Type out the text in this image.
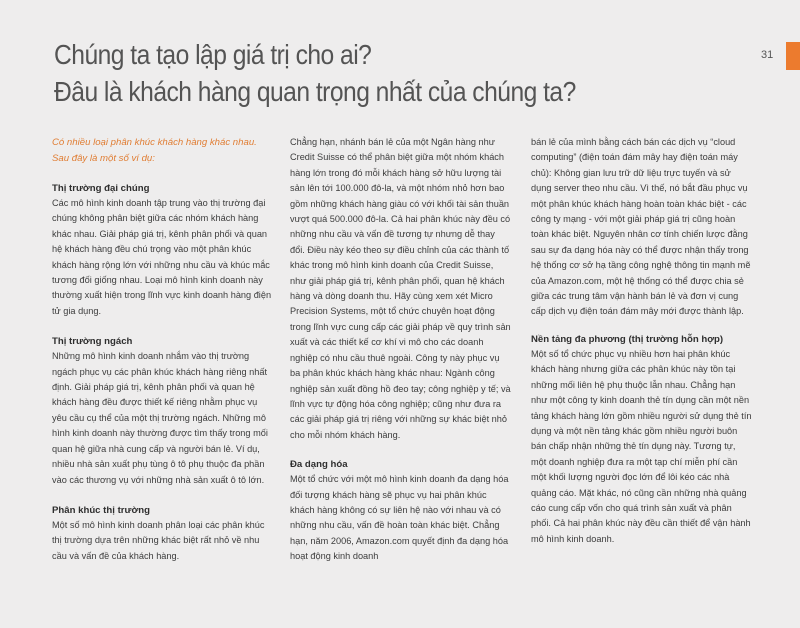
Chúng ta tạo lập giá trị cho ai?
Đâu là khách hàng quan trọng nhất của chúng ta?
31

Có nhiều loại phân khúc khách hàng khác nhau. Sau đây là một số ví dụ:

Thị trường đại chúng

Các mô hình kinh doanh tập trung vào thị trường đại chúng không phân biệt giữa các nhóm khách hàng khác nhau. Giải pháp giá trị, kênh phân phối và quan hệ khách hàng đều chú trọng vào một phân khúc khách hàng rộng lớn với những nhu cầu và khúc mắc tương đối giống nhau. Loại mô hình kinh doanh này thường xuất hiện trong lĩnh vực kinh doanh hàng điện tử gia dụng.

Thị trường ngách

Những mô hình kinh doanh nhắm vào thị trường ngách phục vụ các phân khúc khách hàng riêng nhất định. Giải pháp giá trị, kênh phân phối và quan hệ khách hàng đều được thiết kế riêng nhằm phục vụ yêu cầu cụ thể của một thị trường ngách. Những mô hình kinh doanh này thường được tìm thấy trong mối quan hệ giữa nhà cung cấp và người bán lẻ. Ví dụ, nhiều nhà sản xuất phụ tùng ô tô phụ thuộc đa phần vào các thương vụ với những nhà sản xuất ô tô lớn.

Phân khúc thị trường

Một số mô hình kinh doanh phân loại các phân khúc thị trường dựa trên những khác biệt rất nhỏ về nhu cầu và vấn đề của khách hàng.

Chẳng hạn, nhánh bán lẻ của một Ngân hàng như Credit Suisse có thể phân biệt giữa một nhóm khách hàng lớn trong đó mỗi khách hàng sở hữu lượng tài sản lên tới 100.000 đô-la, và một nhóm nhỏ hơn bao gồm những khách hàng giàu có với khối tài sản thuần vượt quá 500.000 đô-la. Cả hai phân khúc này đều có những nhu cầu và vấn đề tương tự nhưng dễ thay đổi. Điều này kéo theo sự điều chỉnh của các thành tố khác trong mô hình kinh doanh của Credit Suisse, như giải pháp giá trị, kênh phân phối, quan hệ khách hàng và dòng doanh thu. Hãy cùng xem xét Micro Precision Systems, một tổ chức chuyên hoạt động trong lĩnh vực cung cấp các giải pháp về quy trình sản xuất và các thiết kế cơ khí vi mô cho các doanh nghiệp có nhu cầu thuê ngoài. Công ty này phục vụ ba phân khúc khách hàng khác nhau: Ngành công nghiệp sản xuất đồng hồ đeo tay; công nghiệp y tế; và lĩnh vực tự động hóa công nghiệp; cũng như đưa ra các giải pháp giá trị riêng với những sự khác biệt nhỏ cho mỗi nhóm khách hàng.

Đa dạng hóa

Một tổ chức với một mô hình kinh doanh đa dạng hóa đối tượng khách hàng sẽ phục vụ hai phân khúc khách hàng không có sự liên hệ nào với nhau và có những nhu cầu, vấn đề hoàn toàn khác biệt. Chẳng hạn, năm 2006, Amazon.com quyết định đa dạng hóa hoạt động kinh doanh

bán lẻ của mình bằng cách bán các dịch vụ “cloud computing” (điện toán đám mây hay điện toán máy chủ): Không gian lưu trữ dữ liệu trực tuyến và sử dụng server theo nhu cầu. Vì thế, nó bắt đầu phục vụ một phân khúc khách hàng hoàn toàn khác biệt - các công ty mạng - với một giải pháp giá trị cũng hoàn toàn khác biệt. Nguyên nhân cơ tính chiến lược đằng sau sự đa dạng hóa này có thể được nhận thấy trong hệ thống cơ sở hạ tầng công nghệ thông tin mạnh mẽ của Amazon.com, một hệ thống có thể được chia sẻ giữa các trung tâm vận hành bán lẻ và đơn vị cung cấp dịch vụ điện toán đám mây mới được thành lập.

Nền tảng đa phương (thị trường hỗn hợp)

Một số tổ chức phục vụ nhiều hơn hai phân khúc khách hàng nhưng giữa các phân khúc này tồn tại những mối liên hệ phụ thuộc lẫn nhau. Chẳng hạn như một công ty kinh doanh thẻ tín dụng cần một nền tảng khách hàng lớn gồm nhiều người sử dụng thẻ tín dụng và một nền tảng khác gồm nhiều người buôn bán chấp nhận những thẻ tín dụng này. Tương tự, một doanh nghiệp đưa ra một tạp chí miễn phí cần một khối lượng người đọc lớn để lôi kéo các nhà quảng cáo. Mặt khác, nó cũng cần những nhà quảng cáo cung cấp vốn cho quá trình sản xuất và phân phối. Cả hai phân khúc này đều cần thiết để vận hành mô hình kinh doanh.
